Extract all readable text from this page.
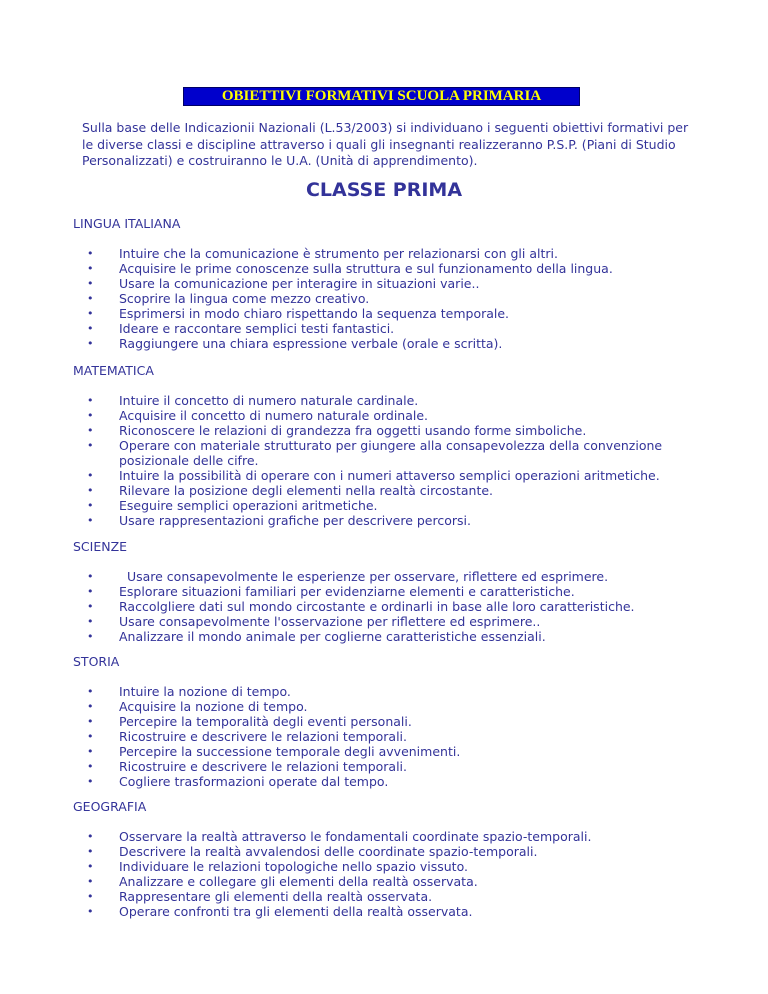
OBIETTIVI FORMATIVI SCUOLA PRIMARIA

Sulla base delle Indicazionii Nazionali (L.53/2003) si individuano i seguenti obiettivi formativi per le diverse classi e discipline attraverso i quali gli insegnanti realizzeranno P.S.P. (Piani di Studio Personalizzati) e costruiranno le U.A. (Unità di apprendimento).

CLASSE PRIMA

LINGUA ITALIANA

• Intuire che la comunicazione è strumento per relazionarsi con gli altri.
• Acquisire le prime conoscenze sulla struttura e sul funzionamento della lingua.
• Usare la comunicazione per interagire in situazioni varie..
• Scoprire la lingua come mezzo creativo.
• Esprimersi in modo chiaro rispettando la sequenza temporale.
• Ideare e raccontare semplici testi fantastici.
• Raggiungere una chiara espressione verbale (orale e scritta).

MATEMATICA

• Intuire il concetto di numero naturale cardinale.
• Acquisire il concetto di numero naturale ordinale.
• Riconoscere le relazioni di grandezza fra oggetti usando forme simboliche.
• Operare con materiale strutturato per giungere alla consapevolezza della convenzione posizionale delle cifre.
• Intuire la possibilità di operare con i numeri attaverso semplici operazioni aritmetiche.
• Rilevare la posizione degli elementi nella realtà circostante.
• Eseguire semplici operazioni aritmetiche.
• Usare rappresentazioni grafiche per descrivere percorsi.

SCIENZE

• Usare consapevolmente le esperienze per osservare, riflettere ed esprimere.
• Esplorare situazioni familiari per evidenziarne elementi e caratteristiche.
• Raccolgliere dati sul mondo circostante e ordinarli in base alle loro caratteristiche.
• Usare consapevolmente l'osservazione per riflettere ed esprimere..
• Analizzare il mondo animale per coglierne caratteristiche essenziali.

STORIA

• Intuire la nozione di tempo.
• Acquisire la nozione di tempo.
• Percepire la temporalità degli eventi personali.
• Ricostruire e descrivere le relazioni temporali.
• Percepire la successione temporale degli avvenimenti.
• Ricostruire e descrivere le relazioni temporali.
• Cogliere trasformazioni operate dal tempo.

GEOGRAFIA

• Osservare la realtà attraverso le fondamentali coordinate spazio-temporali.
• Descrivere la realtà avvalendosi delle coordinate spazio-temporali.
• Individuare le relazioni topologiche nello spazio vissuto.
• Analizzare e collegare gli elementi della realtà osservata.
• Rappresentare gli elementi della realtà osservata.
• Operare confronti tra gli elementi della realtà osservata.
